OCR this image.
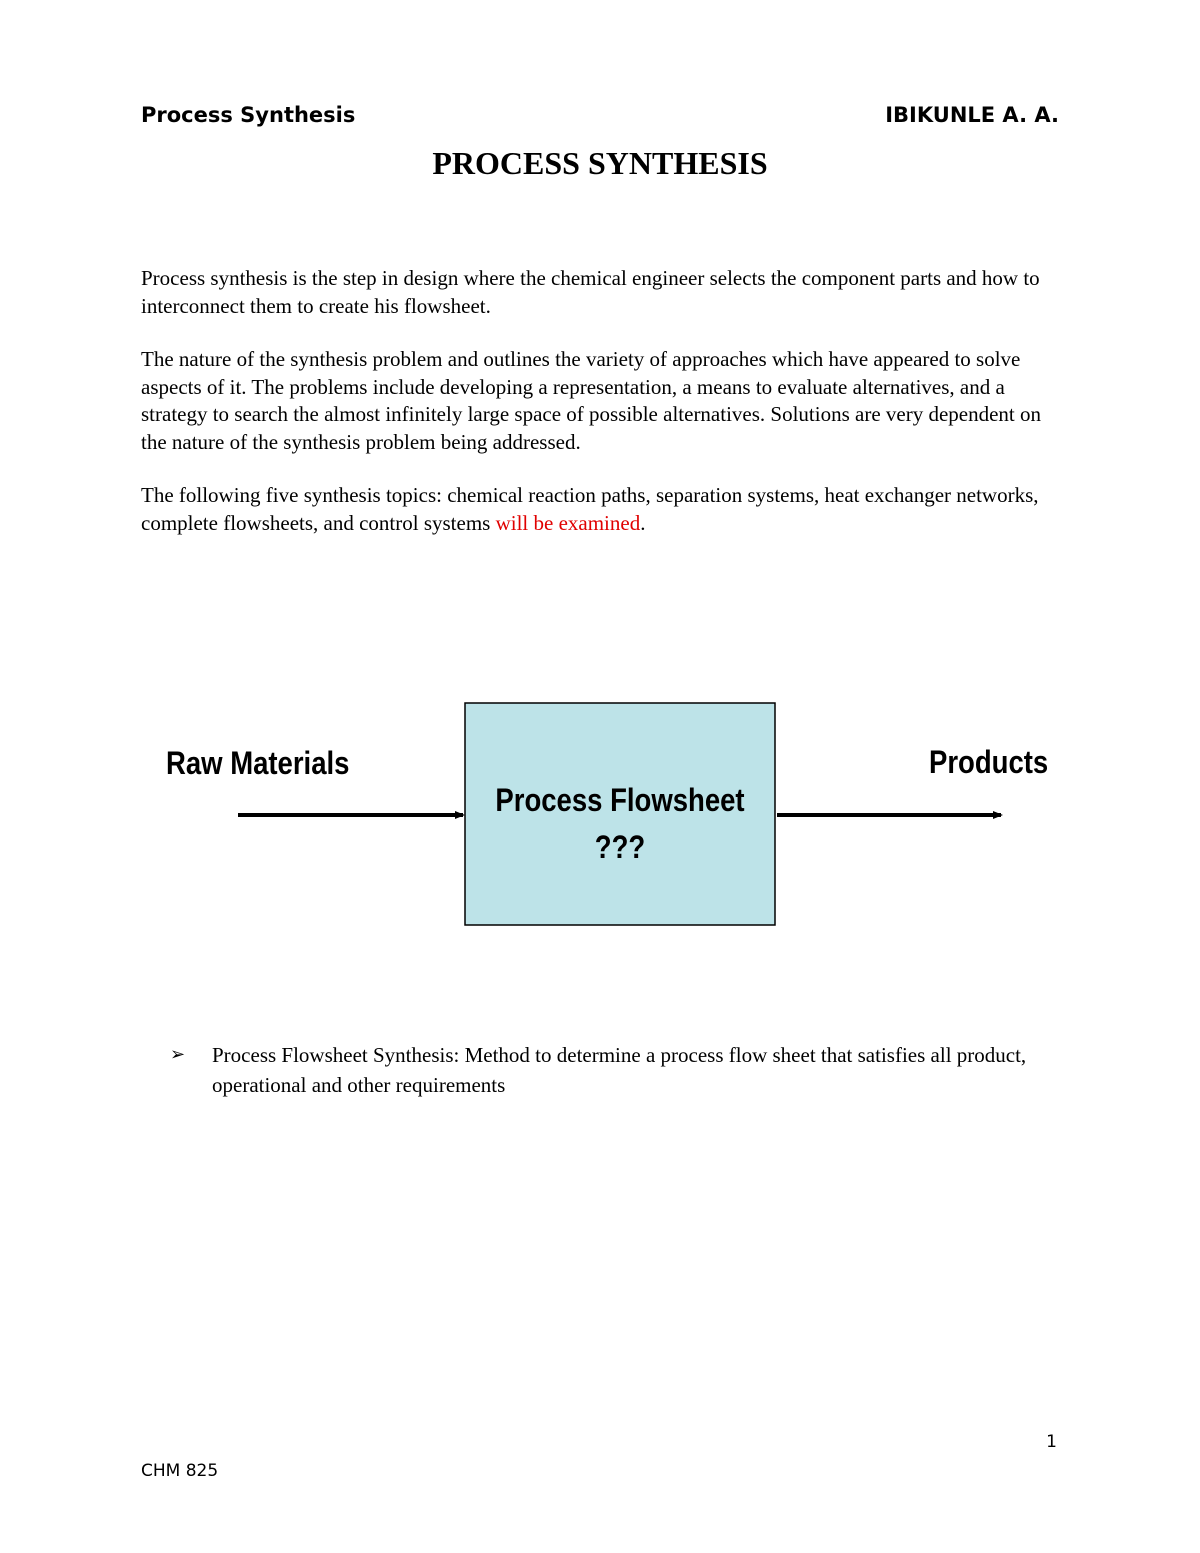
Process Synthesis	IBIKUNLE A. A.
PROCESS SYNTHESIS

Process synthesis is the step in design where the chemical engineer selects the component parts and how to interconnect them to create his flowsheet.

The nature of the synthesis problem and outlines the variety of approaches which have appeared to solve aspects of it. The problems include developing a representation, a means to evaluate alternatives, and a strategy to search the almost infinitely large space of possible alternatives. Solutions are very dependent on the nature of the synthesis problem being addressed.

The following five synthesis topics: chemical reaction paths, separation systems, heat exchanger networks, complete flowsheets, and control systems will be examined.

Raw Materials
Process Flowsheet
???
Products
➢	Process Flowsheet Synthesis: Method to determine a process flow sheet that satisfies all product, operational and other requirements
1
CHM 825
